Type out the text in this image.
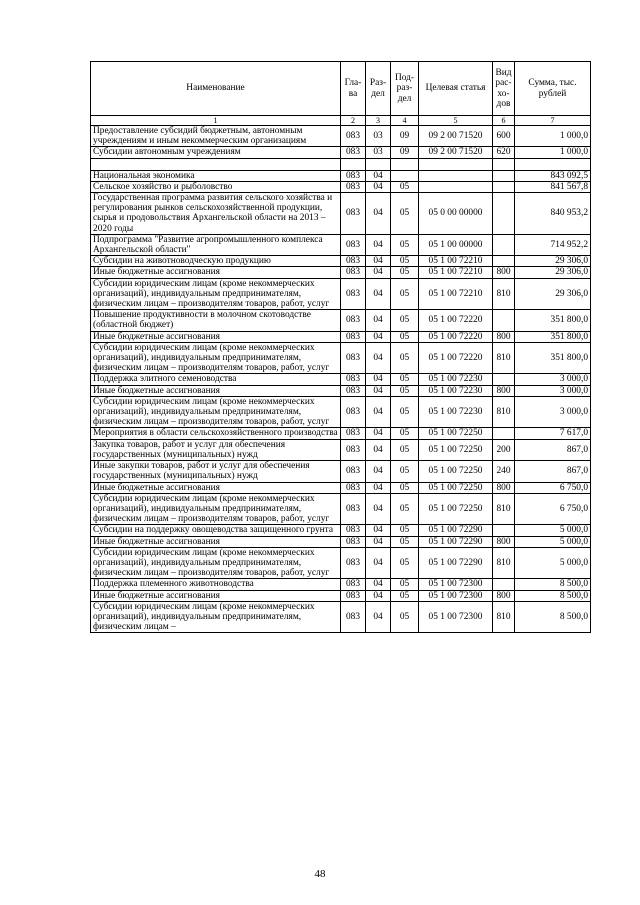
Наименование	Гла-ва	Раз-дел	Под-раз-дел	Целевая статья	Вид рас-хо-дов	Сумма, тыс. рублей
1	2	3	4	5	6	7
Предоставление субсидий бюджетным, автономным учреждениям и иным некоммерческим организациям	083	03	09	09 2 00 71520	600	1 000,0
Субсидии автономным учреждениям	083	03	09	09 2 00 71520	620	1 000,0

Национальная экономика	083	04				843 092,5
Сельское хозяйство и рыболовство	083	04	05			841 567,8
Государственная программа развития сельского хозяйства и регулирования рынков сельскохозяйственной продукции, сырья и продовольствия Архангельской области на 2013 – 2020 годы	083	04	05	05 0 00 00000		840 953,2
Подпрограмма "Развитие агропромышленного комплекса Архангельской области"	083	04	05	05 1 00 00000		714 952,2
Субсидии на животноводческую продукцию	083	04	05	05 1 00 72210		29 306,0
Иные бюджетные ассигнования	083	04	05	05 1 00 72210	800	29 306,0
Субсидии юридическим лицам (кроме некоммерческих организаций), индивидуальным предпринимателям, физическим лицам – производителям товаров, работ, услуг	083	04	05	05 1 00 72210	810	29 306,0
Повышение продуктивности в молочном скотоводстве (областной бюджет)	083	04	05	05 1 00 72220		351 800,0
Иные бюджетные ассигнования	083	04	05	05 1 00 72220	800	351 800,0
Субсидии юридическим лицам (кроме некоммерческих организаций), индивидуальным предпринимателям, физическим лицам – производителям товаров, работ, услуг	083	04	05	05 1 00 72220	810	351 800,0
Поддержка элитного семеноводства	083	04	05	05 1 00 72230		3 000,0
Иные бюджетные ассигнования	083	04	05	05 1 00 72230	800	3 000,0
Субсидии юридическим лицам (кроме некоммерческих организаций), индивидуальным предпринимателям, физическим лицам – производителям товаров, работ, услуг	083	04	05	05 1 00 72230	810	3 000,0
Мероприятия в области сельскохозяйственного производства	083	04	05	05 1 00 72250		7 617,0
Закупка товаров, работ и услуг для обеспечения государственных (муниципальных) нужд	083	04	05	05 1 00 72250	200	867,0
Иные закупки товаров, работ и услуг для обеспечения государственных (муниципальных) нужд	083	04	05	05 1 00 72250	240	867,0
Иные бюджетные ассигнования	083	04	05	05 1 00 72250	800	6 750,0
Субсидии юридическим лицам (кроме некоммерческих организаций), индивидуальным предпринимателям, физическим лицам – производителям товаров, работ, услуг	083	04	05	05 1 00 72250	810	6 750,0
Субсидии на поддержку овощеводства защищенного грунта	083	04	05	05 1 00 72290		5 000,0
Иные бюджетные ассигнования	083	04	05	05 1 00 72290	800	5 000,0
Субсидии юридическим лицам (кроме некоммерческих организаций), индивидуальным предпринимателям, физическим лицам – производителям товаров, работ, услуг	083	04	05	05 1 00 72290	810	5 000,0
Поддержка племенного животноводства	083	04	05	05 1 00 72300		8 500,0
Иные бюджетные ассигнования	083	04	05	05 1 00 72300	800	8 500,0
Субсидии юридическим лицам (кроме некоммерческих организаций), индивидуальным предпринимателям, физическим лицам –	083	04	05	05 1 00 72300	810	8 500,0
48
